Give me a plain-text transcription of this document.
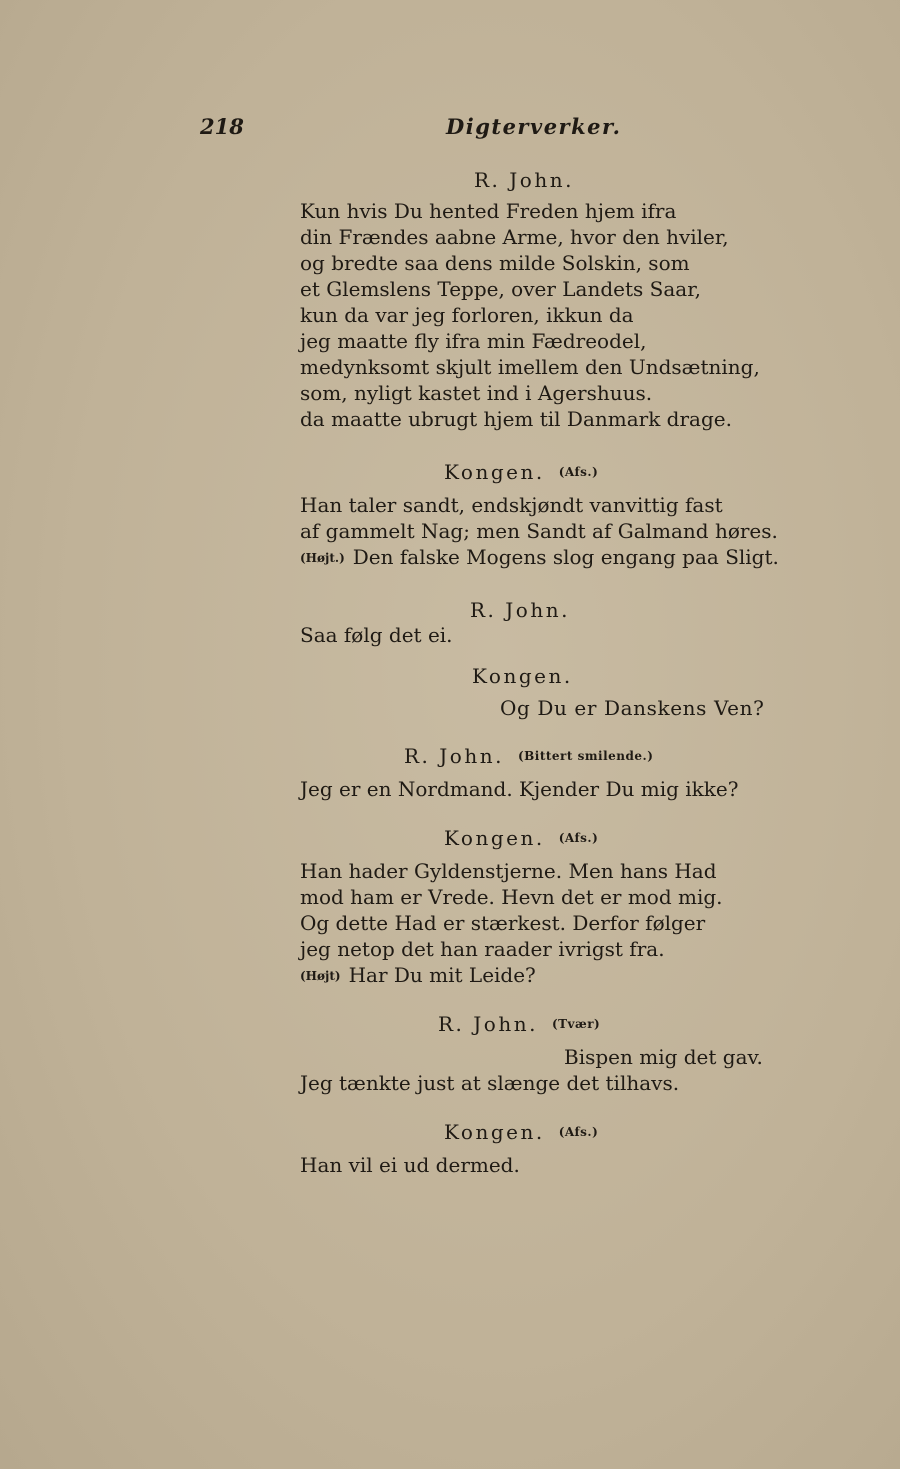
218	Digterverker.
R. John.
Kun hvis Du hented Freden hjem ifra
din Frændes aabne Arme, hvor den hviler,
og bredte saa dens milde Solskin, som
et Glemslens Teppe, over Landets Saar,
kun da var jeg forloren, ikkun da
jeg maatte fly ifra min Fædreodel,
medynksomt skjult imellem den Undsætning,
som, nyligt kastet ind i Agershuus.
da maatte ubrugt hjem til Danmark drage.
Kongen. (Afs.)
Han taler sandt, endskjøndt vanvittig fast
af gammelt Nag; men Sandt af Galmand høres.
(Højt.) Den falske Mogens slog engang paa Sligt.
R. John.
Saa følg det ei.
Kongen.
Og Du er Danskens Ven?
R. John. (Bittert smilende.)
Jeg er en Nordmand. Kjender Du mig ikke?
Kongen. (Afs.)
Han hader Gyldenstjerne. Men hans Had
mod ham er Vrede. Hevn det er mod mig.
Og dette Had er stærkest. Derfor følger
jeg netop det han raader ivrigst fra.
(Højt) Har Du mit Leide?
R. John. (Tvær)
Bispen mig det gav.
Jeg tænkte just at slænge det tilhavs.
Kongen. (Afs.)
Han vil ei ud dermed.
